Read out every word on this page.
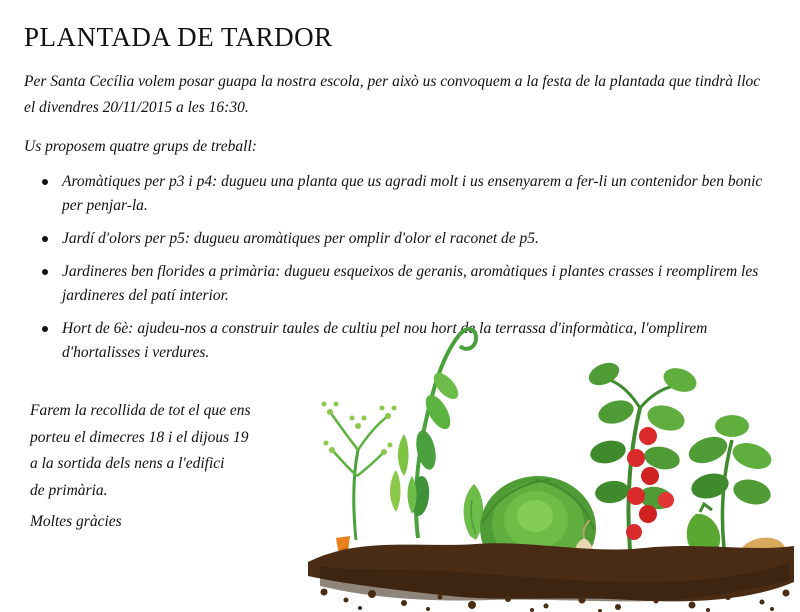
PLANTADA DE TARDOR

Per Santa Cecília volem posar guapa la nostra escola, per això us convoquem a la festa de la plantada que tindrà lloc el divendres 20/11/2015 a les 16:30.

Us proposem quatre grups de treball:

Aromàtiques per p3 i p4: dugueu una planta que us agradi molt i us ensenyarem a fer-li un contenidor ben bonic per penjar-la.
Jardí d'olors per p5: dugueu aromàtiques per omplir d'olor el raconet de p5.
Jardineres ben florides a primària: dugueu esqueixos de geranis, aromàtiques i plantes crasses i reomplirem les jardineres del patí interior.
Hort de 6è: ajudeu-nos a construir taules de cultiu pel nou hort de la terrassa d'informàtica, l'omplirem d'hortalisses i verdures.
Farem la recollida de tot el que ens
porteu el dimecres 18 i el dijous 19
a la sortida dels nens a l'edifici
de primària.
Moltes gràcies
